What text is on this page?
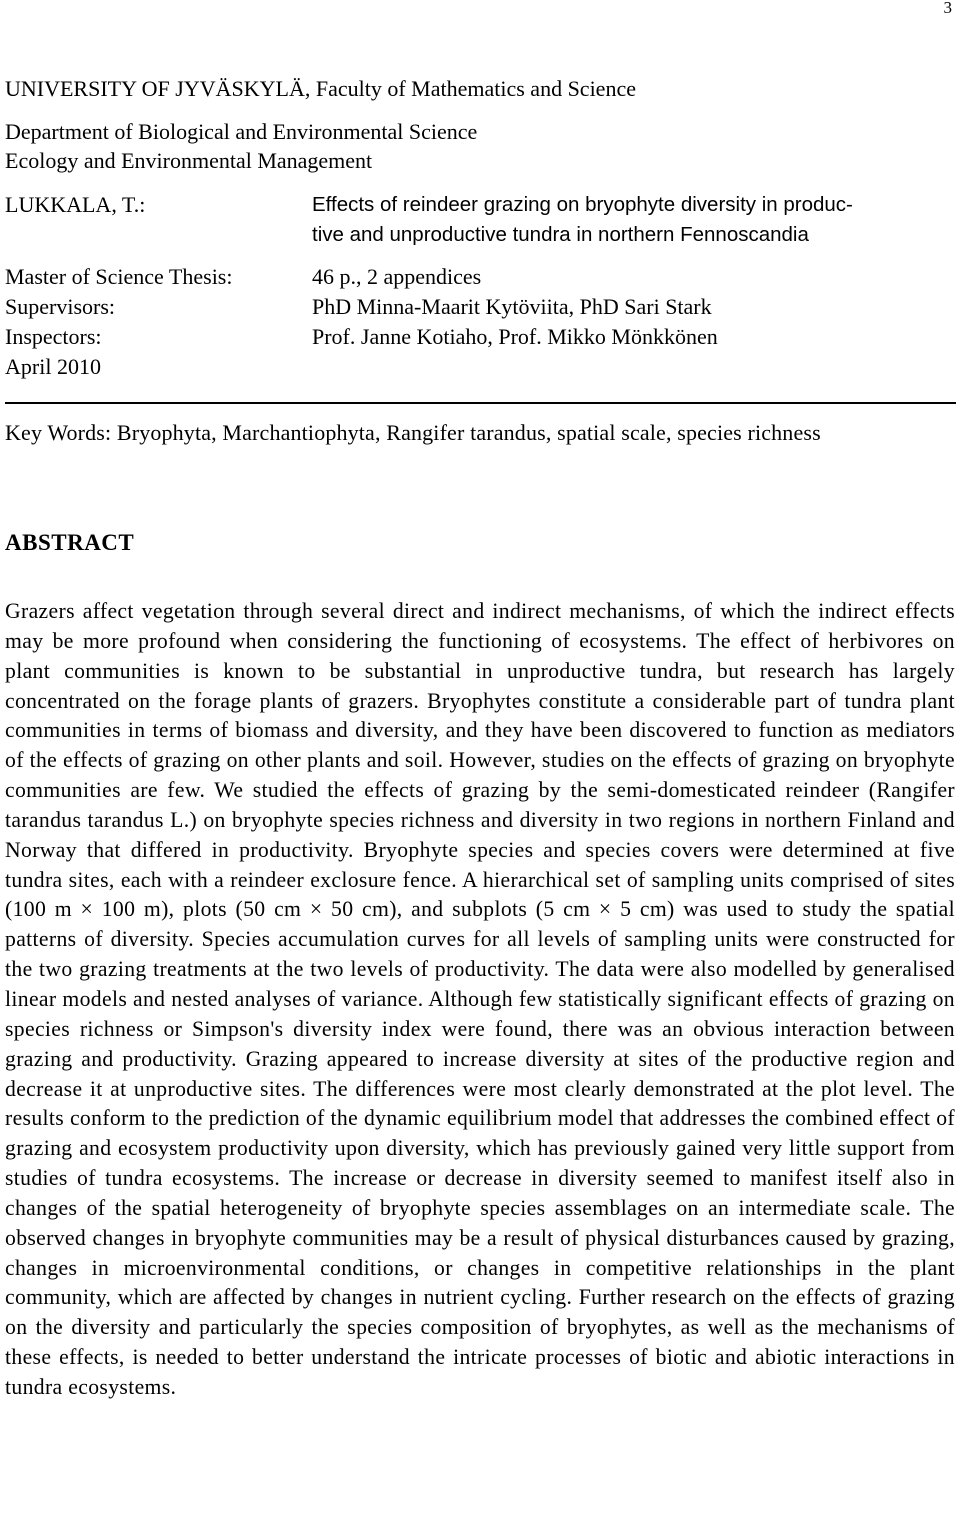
3
UNIVERSITY OF JYVÄSKYLÄ, Faculty of Mathematics and Science
Department of Biological and Environmental Science
Ecology and Environmental Management
LUKKALA, T.:	Effects of reindeer grazing on bryophyte diversity in produc-
tive and unproductive tundra in northern Fennoscandia
Master of Science Thesis:	46 p., 2 appendices
Supervisors:	PhD Minna-Maarit Kytöviita, PhD Sari Stark
Inspectors:	Prof. Janne Kotiaho, Prof. Mikko Mönkkönen
April 2010
Key Words: Bryophyta, Marchantiophyta, Rangifer tarandus, spatial scale, species richness
ABSTRACT
Grazers affect vegetation through several direct and indirect mechanisms, of which the indirect effects may be more profound when considering the functioning of ecosystems. The effect of herbivores on plant communities is known to be substantial in unproductive tundra, but research has largely concentrated on the forage plants of grazers. Bryophytes constitute a considerable part of tundra plant communities in terms of biomass and diversity, and they have been discovered to function as mediators of the effects of grazing on other plants and soil. However, studies on the effects of grazing on bryophyte communities are few. We studied the effects of grazing by the semi-domesticated reindeer (Rangifer tarandus tarandus L.) on bryophyte species richness and diversity in two regions in northern Finland and Norway that differed in productivity. Bryophyte species and species covers were determined at five tundra sites, each with a reindeer exclosure fence. A hierarchical set of sampling units comprised of sites (100 m × 100 m), plots (50 cm × 50 cm), and subplots (5 cm × 5 cm) was used to study the spatial patterns of diversity. Species accumulation curves for all levels of sampling units were constructed for the two grazing treatments at the two levels of productivity. The data were also modelled by generalised linear models and nested analyses of variance. Although few statistically significant effects of grazing on species richness or Simpson's diversity index were found, there was an obvious interaction between grazing and productivity. Grazing appeared to increase diversity at sites of the productive region and decrease it at unproductive sites. The differences were most clearly demonstrated at the plot level. The results conform to the prediction of the dynamic equilibrium model that addresses the combined effect of grazing and ecosystem productivity upon diversity, which has previously gained very little support from studies of tundra ecosystems. The increase or decrease in diversity seemed to manifest itself also in changes of the spatial heterogeneity of bryophyte species assemblages on an intermediate scale. The observed changes in bryophyte communities may be a result of physical disturbances caused by grazing, changes in microenvironmental conditions, or changes in competitive relationships in the plant community, which are affected by changes in nutrient cycling. Further research on the effects of grazing on the diversity and particularly the species composition of bryophytes, as well as the mechanisms of these effects, is needed to better understand the intricate processes of biotic and abiotic interactions in tundra ecosystems.
